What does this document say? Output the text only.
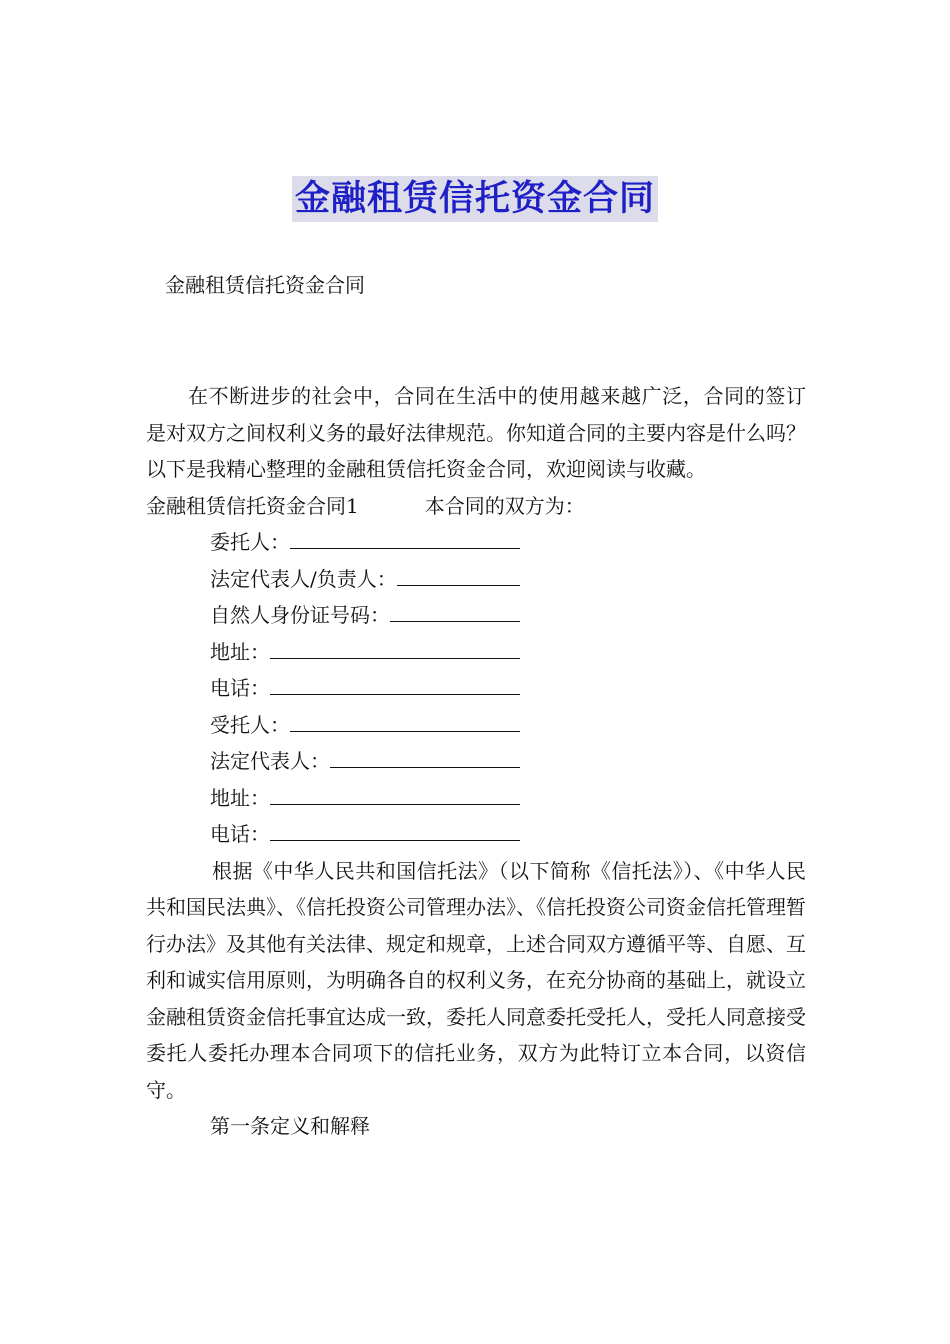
金融租赁信托资金合同
金融租赁信托资金合同

在不断进步的社会中，合同在生活中的使用越来越广泛，合同的签订是对双方之间权利义务的最好法律规范。你知道合同的主要内容是什么吗？以下是我精心整理的金融租赁信托资金合同，欢迎阅读与收藏。

金融租赁信托资金合同1	本合同的双方为：

委托人：

法定代表人/负责人：

自然人身份证号码：

地址：

电话：

受托人：

法定代表人：

地址：

电话：

根据《中华人民共和国信托法》（以下简称《信托法》）、《中华人民共和国民法典》、《信托投资公司管理办法》、《信托投资公司资金信托管理暂行办法》及其他有关法律、规定和规章，上述合同双方遵循平等、自愿、互利和诚实信用原则，为明确各自的权利义务，在充分协商的基础上，就设立金融租赁资金信托事宜达成一致，委托人同意委托受托人，受托人同意接受委托人委托办理本合同项下的信托业务，双方为此特订立本合同，以资信守。

第一条定义和解释
